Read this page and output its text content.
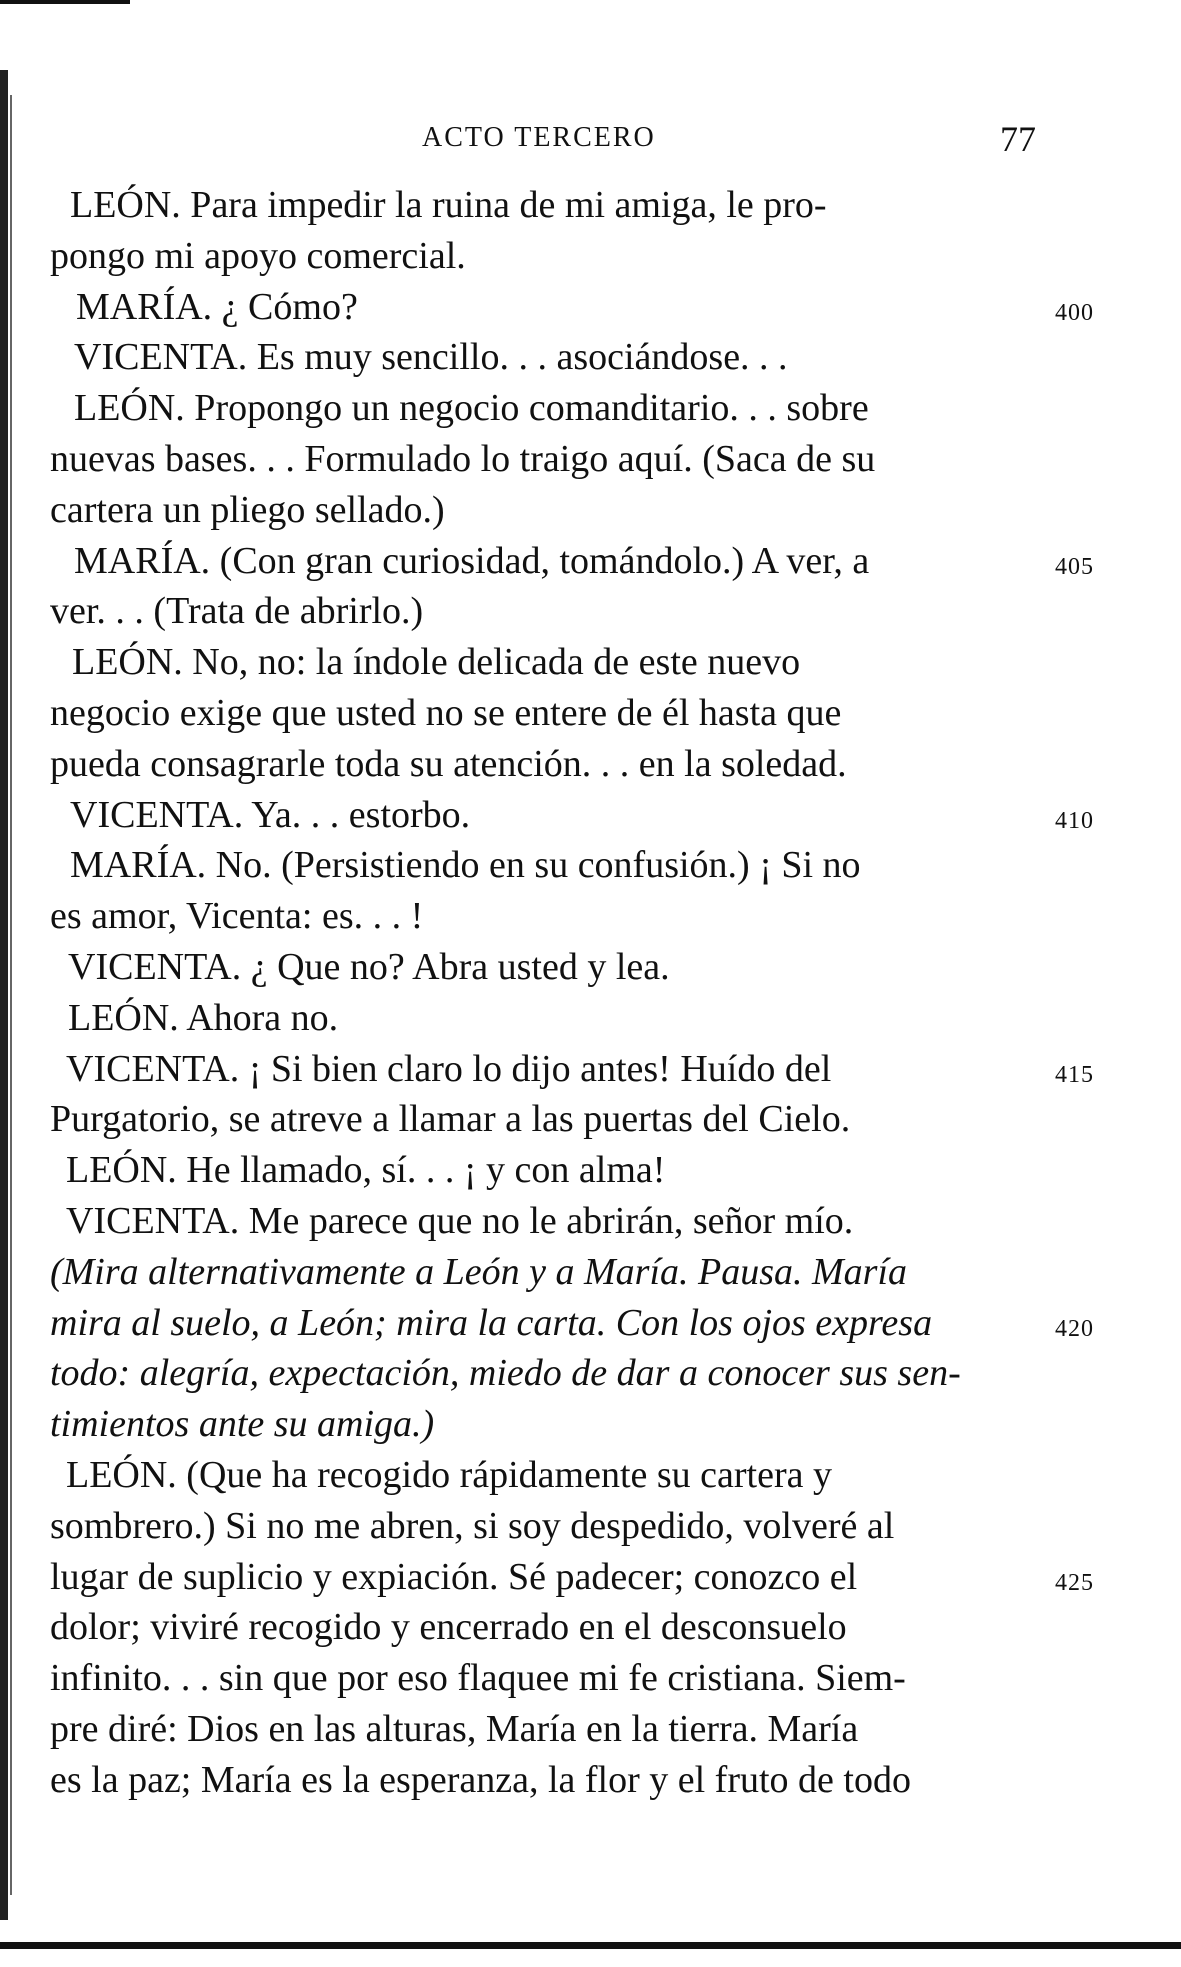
ACTO TERCERO	77
LEÓN. Para impedir la ruina de mi amiga, le pro-
pongo mi apoyo comercial.
MARÍA. ¿ Cómo?	400
VICENTA. Es muy sencillo. . . asociándose. . .
LEÓN. Propongo un negocio comanditario. . . sobre
nuevas bases. . . Formulado lo traigo aquí. (Saca de su
cartera un pliego sellado.)
MARÍA. (Con gran curiosidad, tomándolo.) A ver, a	405
ver. . . (Trata de abrirlo.)
LEÓN. No, no: la índole delicada de este nuevo
negocio exige que usted no se entere de él hasta que
pueda consagrarle toda su atención. . . en la soledad.
VICENTA. Ya. . . estorbo.	410
MARÍA. No. (Persistiendo en su confusión.) ¡ Si no
es amor, Vicenta: es. . . !
VICENTA. ¿ Que no? Abra usted y lea.
LEÓN. Ahora no.
VICENTA. ¡ Si bien claro lo dijo antes! Huído del	415
Purgatorio, se atreve a llamar a las puertas del Cielo.
LEÓN. He llamado, sí. . . ¡ y con alma!
VICENTA. Me parece que no le abrirán, señor mío.
(Mira alternativamente a León y a María. Pausa. María
mira al suelo, a León; mira la carta. Con los ojos expresa	420
todo: alegría, expectación, miedo de dar a conocer sus sen-
timientos ante su amiga.)
LEÓN. (Que ha recogido rápidamente su cartera y
sombrero.) Si no me abren, si soy despedido, volveré al
lugar de suplicio y expiación. Sé padecer; conozco el	425
dolor; viviré recogido y encerrado en el desconsuelo
infinito. . . sin que por eso flaquee mi fe cristiana. Siem-
pre diré: Dios en las alturas, María en la tierra. María
es la paz; María es la esperanza, la flor y el fruto de todo
